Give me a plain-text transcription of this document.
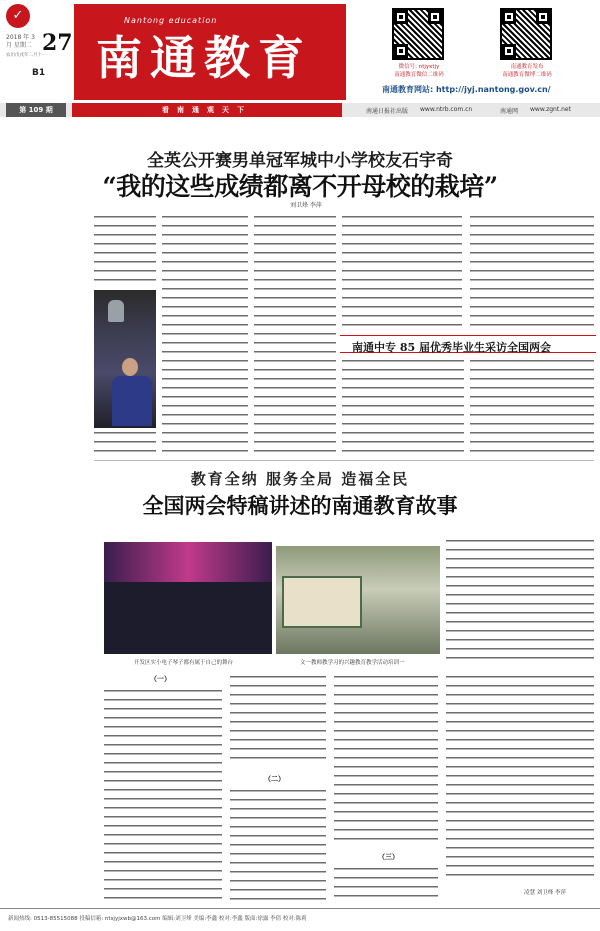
✓
2018 年 3 月 星期二 27
农历戊戌年二月十一
B1
Nantong education
南通教育	微信号: ntjyxtjy
南通教育微信二维码
南通教育发布
南通教育微博二维码
南通教育网站: http://jyj.nantong.gov.cn/
第 109 期	看南通观天下	南通日报社出版 www.ntrb.com.cn	南通网 www.zgnt.net
全英公开赛男单冠军城中小学校友石宇奇
“我的这些成绩都离不开母校的栽培”
刘卫烽 李萍
南通中专 85 届优秀毕业生采访全国两会
教育全纳 服务全局 造福全民
全国两会特稿讲述的南通教育故事
开发区实小电子琴子都有属于自己的舞台	文一教师教学习的兴趣教育教学活动培训一
（一）
（二）
（三）
凌慧 刘卫烽 李萍
新闻热线: 0513-85515088 投稿信箱: ntsjyjxwb@163.com 编辑:刘卫烽 美编:李鑫 校对:李鑫 版面:徐露 李倩 校对:陈莉
